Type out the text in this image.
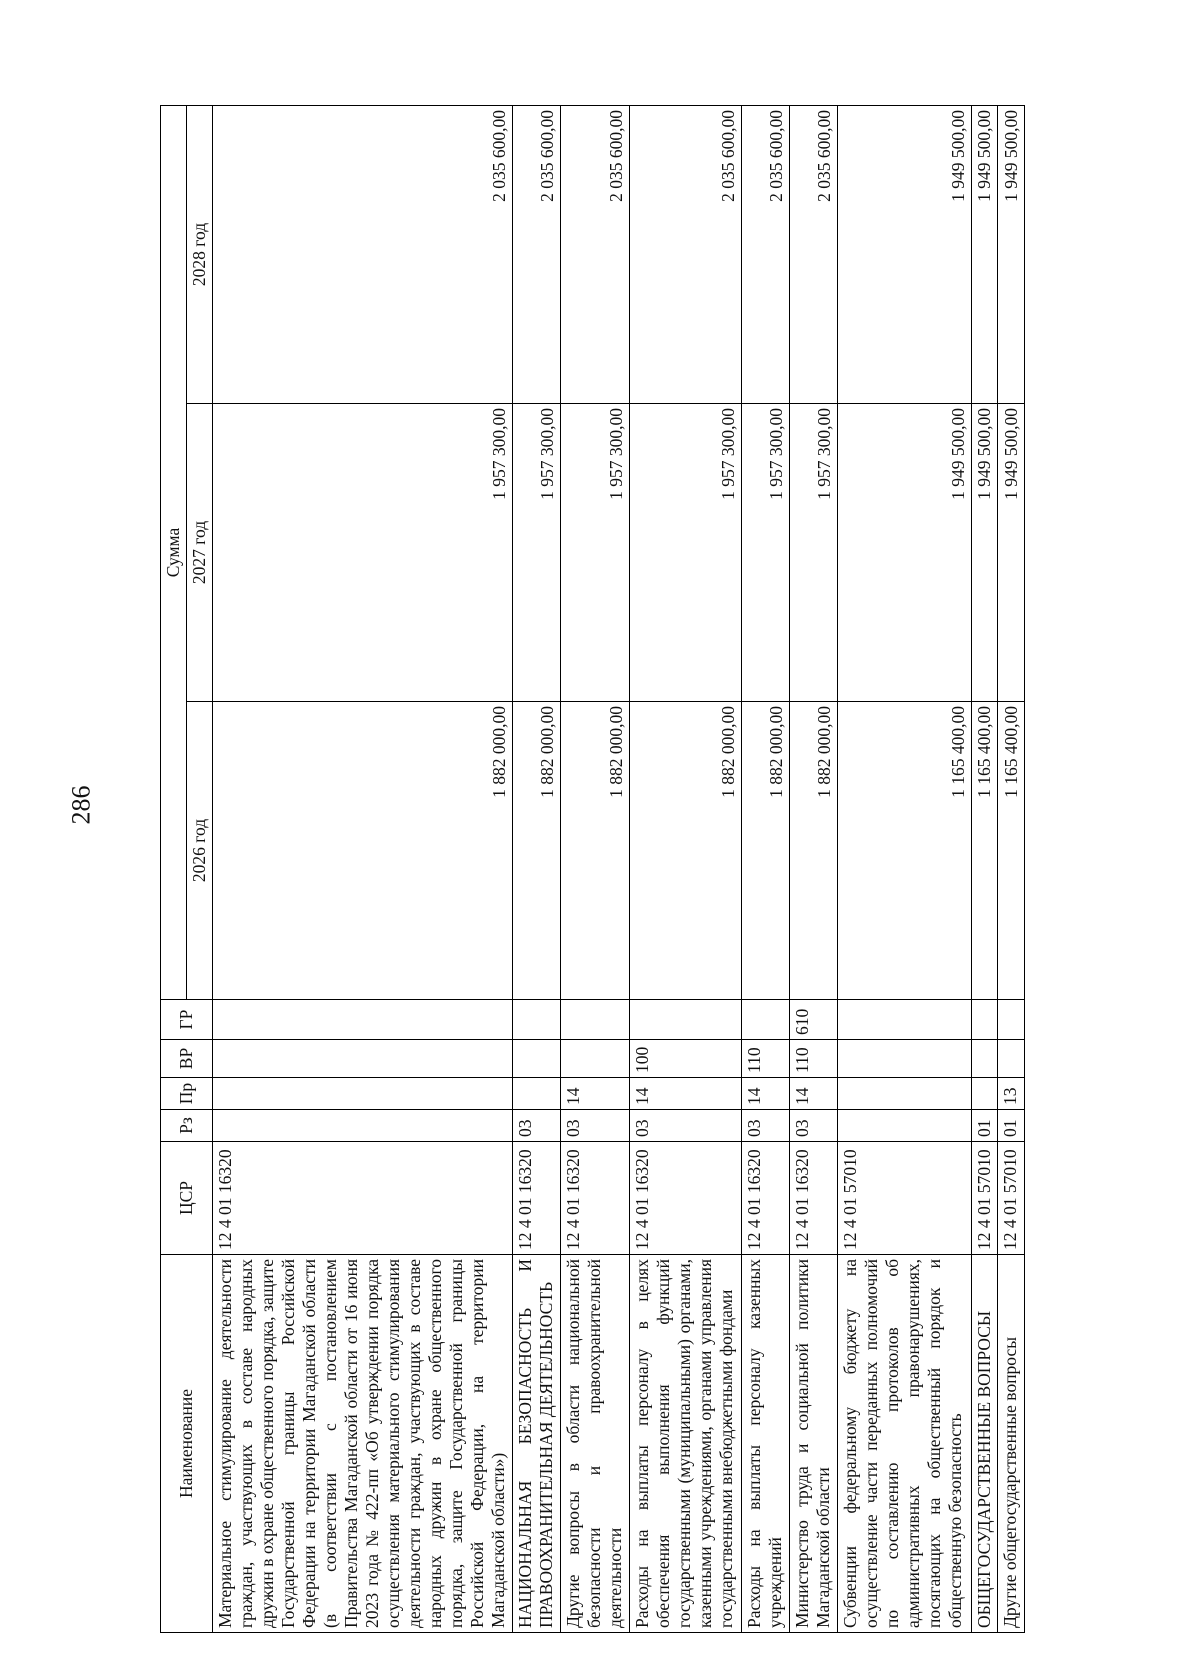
286
Наименование	ЦСР	Рз	Пр	ВР	ГР	Сумма		
						2026 год	2027 год	2028 год
Материальное стимулирование деятельности граждан, участвующих в составе народных дружин в охране общественного порядка, защите Государственной границы Российской Федерации на территории Магаданской области (в соответствии с постановлением Правительства Магаданской области от 16 июня 2023 года № 422-пп «Об утверждении порядка осуществления материального стимулирования деятельности граждан, участвующих в составе народных дружин в охране общественного порядка, защите Государственной границы Российской Федерации, на территории Магаданской области»)	12 4 01 16320					1 882 000,00	1 957 300,00	2 035 600,00
НАЦИОНАЛЬНАЯ БЕЗОПАСНОСТЬ И ПРАВООХРАНИТЕЛЬНАЯ ДЕЯТЕЛЬНОСТЬ	12 4 01 16320	03				1 882 000,00	1 957 300,00	2 035 600,00
Другие вопросы в области национальной безопасности и правоохранительной деятельности	12 4 01 16320	03	14			1 882 000,00	1 957 300,00	2 035 600,00
Расходы на выплаты персоналу в целях обеспечения выполнения функций государственными (муниципальными) органами, казенными учреждениями, органами управления государственными внебюджетными фондами	12 4 01 16320	03	14	100		1 882 000,00	1 957 300,00	2 035 600,00
Расходы на выплаты персоналу казенных учреждений	12 4 01 16320	03	14	110		1 882 000,00	1 957 300,00	2 035 600,00
Министерство труда и социальной политики Магаданской области	12 4 01 16320	03	14	110	610	1 882 000,00	1 957 300,00	2 035 600,00
Субвенции федеральному бюджету на осуществление части переданных полномочий по составлению протоколов об административных правонарушениях, посягающих на общественный порядок и общественную безопасность	12 4 01 57010					1 165 400,00	1 949 500,00	1 949 500,00
ОБЩЕГОСУДАРСТВЕННЫЕ ВОПРОСЫ	12 4 01 57010	01				1 165 400,00	1 949 500,00	1 949 500,00
Другие общегосударственные вопросы	12 4 01 57010	01	13			1 165 400,00	1 949 500,00	1 949 500,00
